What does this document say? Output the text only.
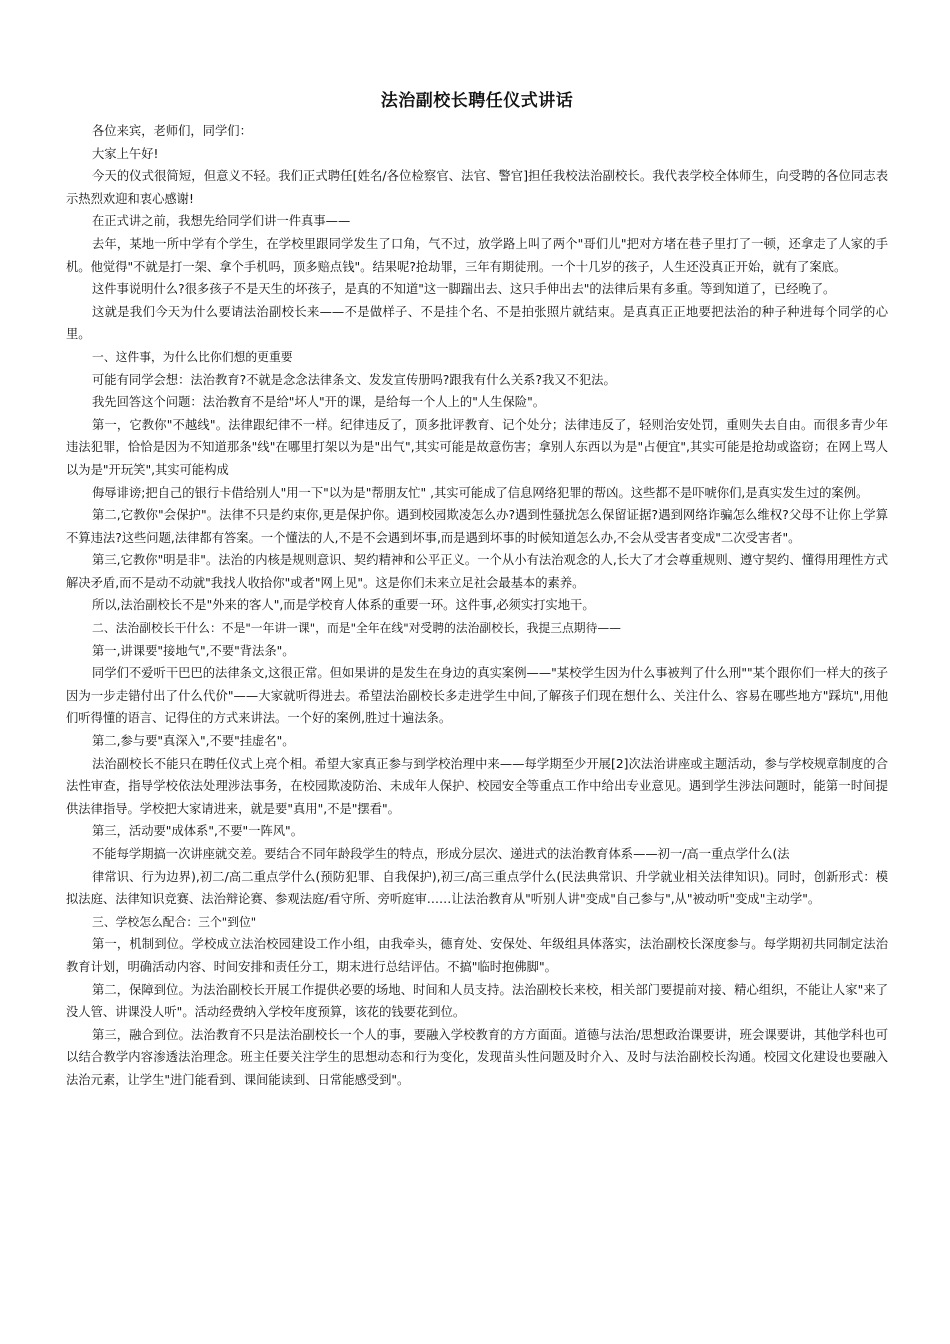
法治副校长聘任仪式讲话

各位来宾，老师们，同学们：

大家上午好!

今天的仪式很简短，但意义不轻。我们正式聘任[姓名/各位检察官、法官、警官]担任我校法治副校长。我代表学校全体师生，向受聘的各位同志表示热烈欢迎和衷心感谢!

在正式讲之前，我想先给同学们讲一件真事——

去年，某地一所中学有个学生，在学校里跟同学发生了口角，气不过，放学路上叫了两个"哥们儿"把对方堵在巷子里打了一顿，还拿走了人家的手机。他觉得"不就是打一架、拿个手机吗，顶多赔点钱"。结果呢?抢劫罪，三年有期徒刑。一个十几岁的孩子，人生还没真正开始，就有了案底。

这件事说明什么?很多孩子不是天生的坏孩子，是真的不知道"这一脚踹出去、这只手伸出去"的法律后果有多重。等到知道了，已经晚了。

这就是我们今天为什么要请法治副校长来——不是做样子、不是挂个名、不是拍张照片就结束。是真真正正地要把法治的种子种进每个同学的心里。

一、这件事，为什么比你们想的更重要

可能有同学会想：法治教育?不就是念念法律条文、发发宣传册吗?跟我有什么关系?我又不犯法。

我先回答这个问题：法治教育不是给"坏人"开的课，是给每一个人上的"人生保险"。

第一，它教你"不越线"。法律跟纪律不一样。纪律违反了，顶多批评教育、记个处分；法律违反了，轻则治安处罚，重则失去自由。而很多青少年违法犯罪，恰恰是因为不知道那条"线"在哪里打架以为是"出气",其实可能是故意伤害；拿别人东西以为是"占便宜",其实可能是抢劫或盗窃；在网上骂人以为是"开玩笑",其实可能构成

侮辱诽谤;把自己的银行卡借给别人"用一下"以为是"帮朋友忙" ,其实可能成了信息网络犯罪的帮凶。这些都不是吓唬你们,是真实发生过的案例。

第二,它教你"会保护"。法律不只是约束你,更是保护你。遇到校园欺凌怎么办?遇到性骚扰怎么保留证据?遇到网络诈骗怎么维权?父母不让你上学算不算违法?这些问题,法律都有答案。一个懂法的人,不是不会遇到坏事,而是遇到坏事的时候知道怎么办,不会从受害者变成"二次受害者"。

第三,它教你"明是非"。法治的内核是规则意识、契约精神和公平正义。一个从小有法治观念的人,长大了才会尊重规则、遵守契约、懂得用理性方式解决矛盾,而不是动不动就"我找人收拾你"或者"网上见"。这是你们未来立足社会最基本的素养。

所以,法治副校长不是"外来的客人",而是学校育人体系的重要一环。这件事,必须实打实地干。

二、法治副校长干什么：不是"一年讲一课"，而是"全年在线"对受聘的法治副校长，我提三点期待——

第一,讲课要"接地气",不要"背法条"。

同学们不爱听干巴巴的法律条文,这很正常。但如果讲的是发生在身边的真实案例——"某校学生因为什么事被判了什么刑""某个跟你们一样大的孩子因为一步走错付出了什么代价"——大家就听得进去。希望法治副校长多走进学生中间,了解孩子们现在想什么、关注什么、容易在哪些地方"踩坑",用他们听得懂的语言、记得住的方式来讲法。一个好的案例,胜过十遍法条。

第二,参与要"真深入",不要"挂虚名"。

法治副校长不能只在聘任仪式上亮个相。希望大家真正参与到学校治理中来——每学期至少开展[2]次法治讲座或主题活动，参与学校规章制度的合法性审查，指导学校依法处理涉法事务，在校园欺凌防治、未成年人保护、校园安全等重点工作中给出专业意见。遇到学生涉法问题时，能第一时间提供法律指导。学校把大家请进来，就是要"真用",不是"摆看"。

第三，活动要"成体系",不要"一阵风"。

不能每学期搞一次讲座就交差。要结合不同年龄段学生的特点，形成分层次、递进式的法治教育体系——初一/高一重点学什么(法

律常识、行为边界),初二/高二重点学什么(预防犯罪、自我保护),初三/高三重点学什么(民法典常识、升学就业相关法律知识)。同时，创新形式：模拟法庭、法律知识竞赛、法治辩论赛、参观法庭/看守所、旁听庭审……让法治教育从"听别人讲"变成"自己参与",从"被动听"变成"主动学"。

三、学校怎么配合：三个"到位"

第一，机制到位。学校成立法治校园建设工作小组，由我牵头，德育处、安保处、年级组具体落实，法治副校长深度参与。每学期初共同制定法治教育计划，明确活动内容、时间安排和责任分工，期末进行总结评估。不搞"临时抱佛脚"。

第二，保障到位。为法治副校长开展工作提供必要的场地、时间和人员支持。法治副校长来校，相关部门要提前对接、精心组织，不能让人家"来了没人管、讲课没人听"。活动经费纳入学校年度预算，该花的钱要花到位。

第三，融合到位。法治教育不只是法治副校长一个人的事，要融入学校教育的方方面面。道德与法治/思想政治课要讲，班会课要讲，其他学科也可以结合教学内容渗透法治理念。班主任要关注学生的思想动态和行为变化，发现苗头性问题及时介入、及时与法治副校长沟通。校园文化建设也要融入法治元素，让学生"进门能看到、课间能读到、日常能感受到"。
